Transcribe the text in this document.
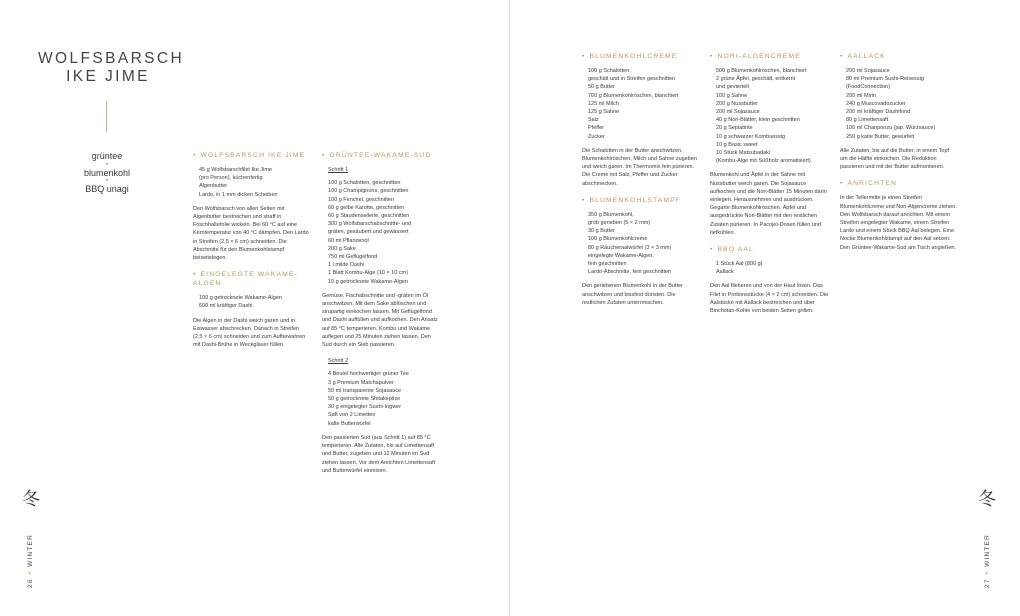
WOLFSBARSCH
IKE JIME
grüntee
•
blumenkohl
•
BBQ unagi
• WOLFSBARSCH IKE JIME
45 g Wolfsbarschfilet Ike Jime
(pro Person), küchenfertig
Algenbutter
Lardo, in 1 mm dicken Scheiben
Den Wolfsbarsch von allen Seiten mit Algenbutter bestreichen und straff in Frischhaltefolie wickeln. Bei 60 °C auf eine Kerntemperatur von 40 °C dämpfen. Den Lardo in Streifen (2,5 × 6 cm) schneiden. Die Abschnitte für den Blumenkohlstampf beiseitelegen.
• EINGELEGTE WAKAME-ALGEN
100 g getrocknete Wakame-Algen
600 ml kräftiger Dashi
Die Algen in der Dashi weich garen und in Eiswasser abschrecken. Danach in Streifen (2,5 × 6 cm) schneiden und zum Aufbewahren mit Dashi-Brühe in Weckgläser füllen.
• GRÜNTEE-WAKAME-SUD
Schritt 1
100 g Schalotten, geschnitten
100 g Champignons, geschnitten
100 g Fenchel, geschnitten
60 g gelbe Karotte, geschnitten
60 g Staudensellerie, geschnitten
300 g Wolfsbarschabschnitte- und
gräten, gesäubert und gewässert
60 ml Pflanzenöl
200 g Sake
750 ml Geflügelfond
1 l milde Dashi
1 Blatt Kombu-Alge (10 × 10 cm)
10 g getrocknete Wakame-Algen
Gemüse, Fischabschnitte und -gräten im Öl anschwitzen. Mit dem Sake ablöschen und sirupartig einkochen lassen. Mit Geflügelfond und Dashi auffüllen und aufkochen. Den Ansatz auf 85 °C temperieren. Kombu und Wakame auflegen und 25 Minuten ziehen lassen. Den Sud durch ein Sieb passieren.
Schritt 2
4 Beutel hochwertiger grüner Tee
3 g Premium Matchapulver
50 ml transparente Sojasauce
50 g getrocknete Shitakepilze
30 g eingelegter Sushi-Ingwer
Saft von 2 Limetten
kalte Butterwürfel
Den passierten Sud (aus Schritt 1) auf 85 °C temperieren. Alle Zutaten, bis auf Limettensaft und Butter, zugeben und 12 Minuten im Sud ziehen lassen. Vor dem Anrichten Limettensaft und Butterwürfel einmixen.
冬
26•WINTER
• BLUMENKOHLCREME
100 g Schalotten,
geschält und in Streifen geschnitten
50 g Butter
700 g Blumenkohlröschen, blanchiert
125 ml Milch
125 g Sahne
Salz
Pfeffer
Zucker
Die Schalotten in der Butter anschwitzen. Blumenkohlröschen, Milch und Sahne zugeben und weich garen. Im Thermomix fein pürieren. Die Creme mit Salz, Pfeffer und Zucker abschmecken.
• BLUMENKOHLSTAMPF
350 g Blumenkohl,
grob gerieben (5 × 2 mm)
30 g Butter
100 g Blumenkohlcreme
80 g Räucheraalwürfel (3 × 3 mm)
eingelegte Wakame-Algen,
fein geschnitten
Lardo-Abschnitte, fein geschnitten
Den geriebenen Blumenkohl in der Butter anschwitzen und bissfest dünsten. Die restlichen Zutaten unterrmischen.
• NORI-ALGENCREME
500 g Blumenkohlröschen, blanchiert
2 grüne Äpfel, geschält, entkernt
und geviertelt
100 g Sahne
200 g Nussbutter
200 ml Sojasauce
40 g Nori-Blätter, klein geschnitten
20 g Sepiatinte
10 g schwarzer Kombuessig
10 g Basic sweet
10 Stück Matsubadaki
(Kombu-Alge mit Süßholz aromatisiert)
Blumenkohl und Äpfel in der Sahne mit Nussbutter weich garen. Die Sojasauce aufkochen und die Nori-Blätter 15 Minuten darin einlegen. Herausnehmen und ausdrücken. Gegarte Blumenkohlröschen, Äpfel und ausgedrückte Nori-Blätter mit den restlichen Zutaten pürieren. In Pacojet-Dosen füllen und tiefkühlen.
• BBQ AAL
1 Stück Aal (800 g)
Aallack
Den Aal filetieren und von der Haut lösen. Das Filet in Portionsstücke (4 × 2 cm) schneiden. Die Aalstücke mit Aallack bestreichen und über Binchotan-Kohle von beiden Seiten grillen.
• AALLACK
200 ml Sojasauce
80 ml Premium Sushi-Reisessig
(FoodConnection)
200 ml Mirin
240 g Muscovadozucker
200 ml kräftiger Dashifond
80 g Limettensaft
100 ml Chanponzu (jap. Würzsauce)
250 g kalte Butter, gewürfelt
Alle Zutaten, bis auf die Butter, in einem Topf um die Hälfte einkochen. Die Reduktion passieren und mit der Butter aufmontieren.
• ANRICHTEN
In der Tellermitte je einen Streifen Blumenkohlcreme und Nori-Algencreme ziehen. Den Wolfsbarsch darauf anrichten. Mit einem Streifen eingelegter Wakame, einem Streifen Lardo und einem Stück BBQ Aal belegen. Eine Nocke Blumenkohlstampf auf den Aal setzen. Den Grüntee-Wakame-Sud am Tisch angießen.
冬
27•WINTER
